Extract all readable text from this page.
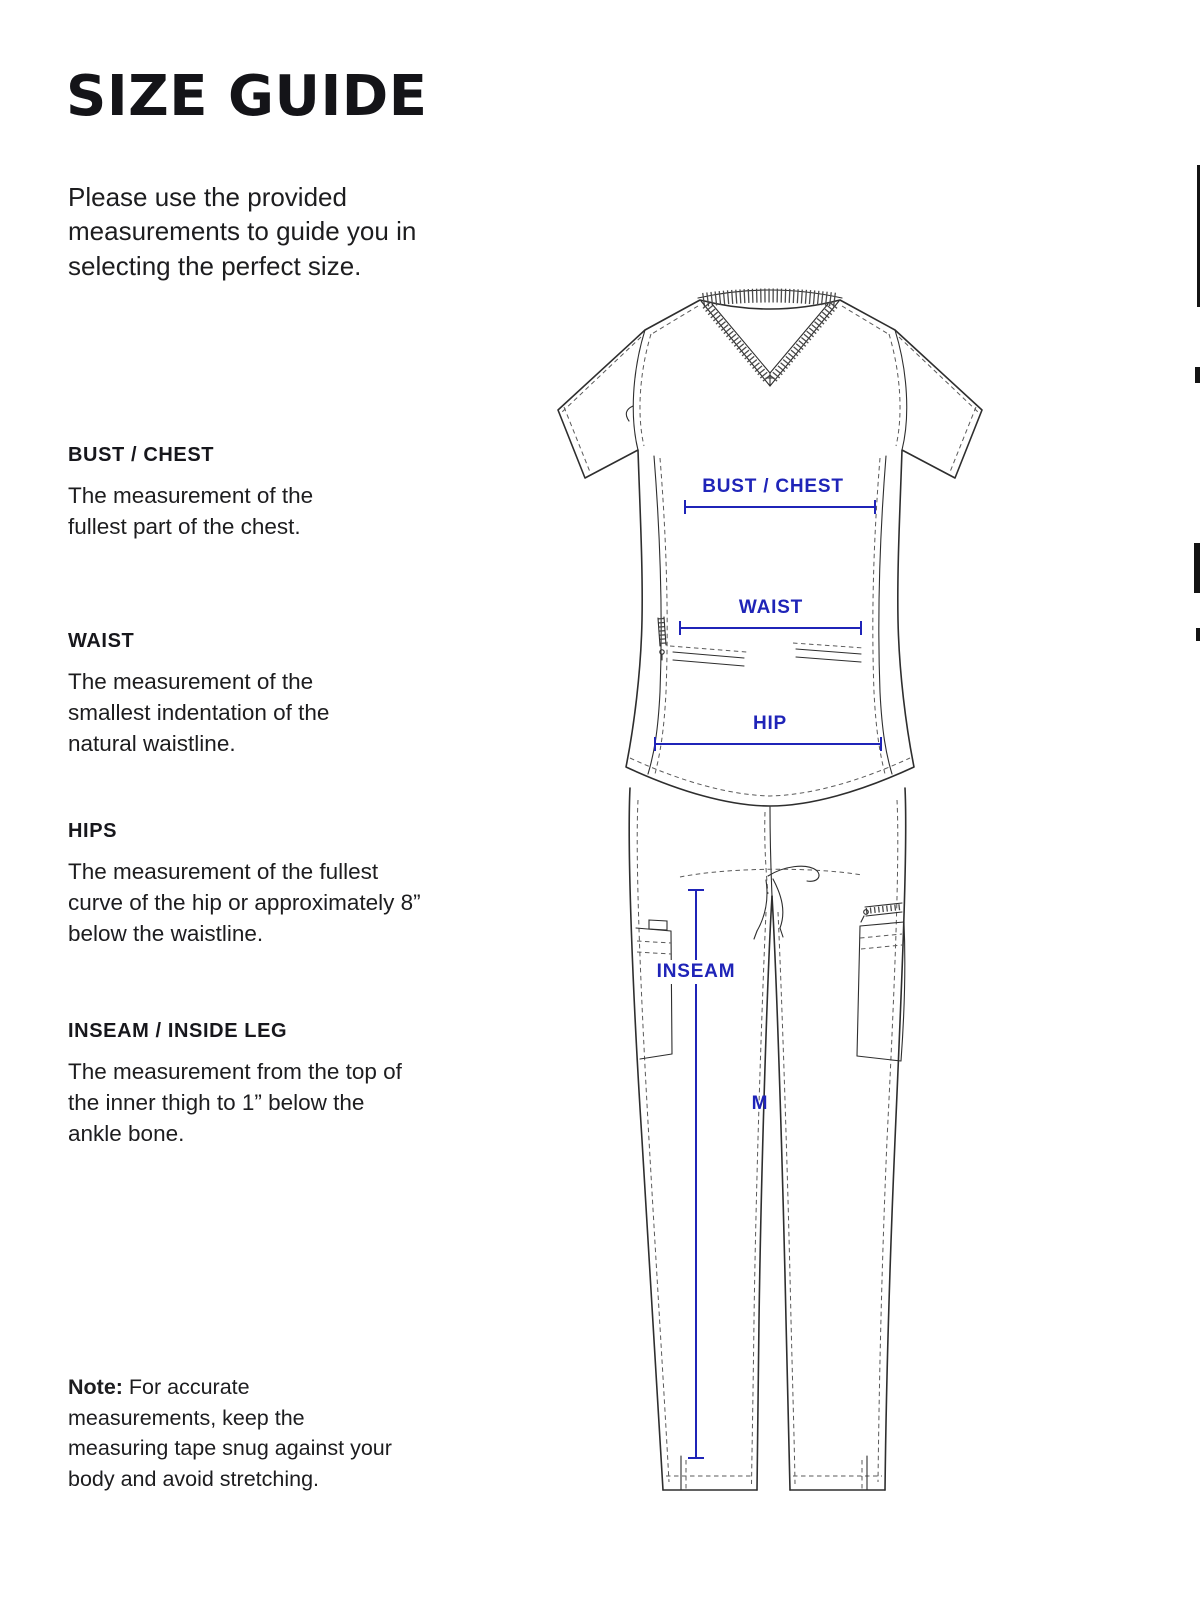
SIZE GUIDE
Please use the provided measurements to guide you in selecting the perfect size.
BUST / CHEST

The measurement of the fullest part of the chest.

WAIST

The measurement of the smallest indentation of the natural waistline.

HIPS

The measurement of the fullest curve of the hip or approximately 8” below the waistline.

INSEAM / INSIDE LEG

The measurement from the top of the inner thigh to 1” below the ankle bone.

Note: For accurate measurements, keep the measuring tape snug against your body and avoid stretching.
BUST / CHEST
WAIST
HIP
INSEAM
M
